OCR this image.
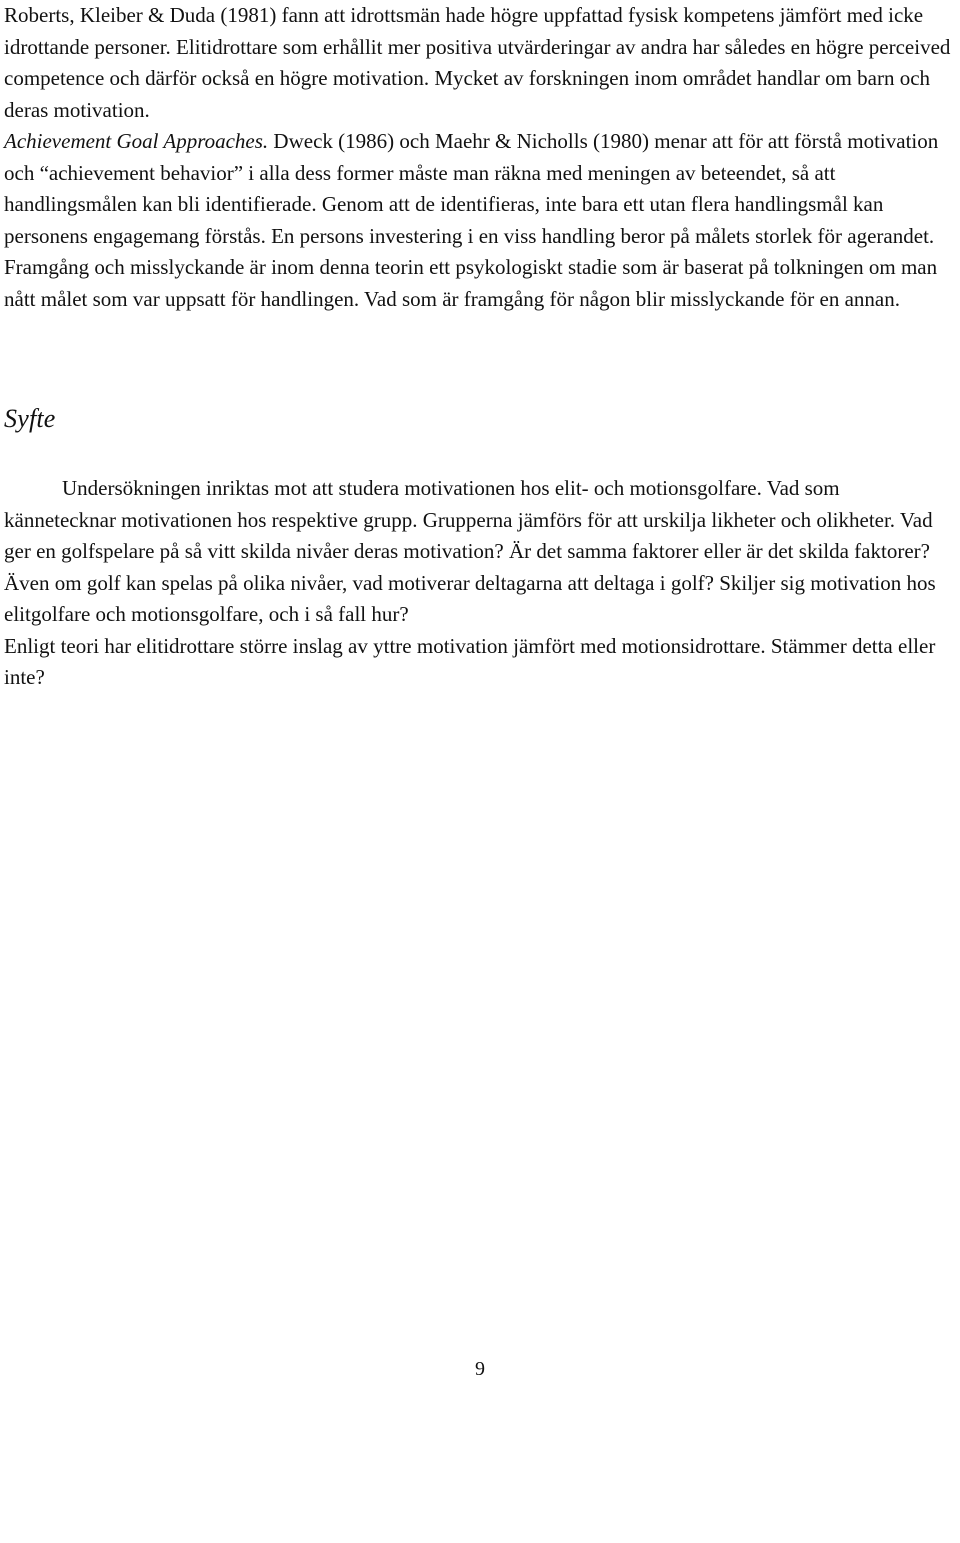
Roberts, Kleiber & Duda (1981) fann att idrottsmän hade högre uppfattad fysisk kompetens jämfört med icke idrottande personer. Elitidrottare som erhållit mer positiva utvärderingar av andra har således en högre perceived competence och därför också en högre motivation. Mycket av forskningen inom området handlar om barn och deras motivation.

Achievement Goal Approaches. Dweck (1986) och Maehr & Nicholls (1980) menar att för att förstå motivation och “achievement behavior” i alla dess former måste man räkna med meningen av beteendet, så att handlingsmålen kan bli identifierade. Genom att de identifieras, inte bara ett utan flera handlingsmål kan personens engagemang förstås. En persons investering i en viss handling beror på målets storlek för agerandet.

Framgång och misslyckande är inom denna teorin ett psykologiskt stadie som är baserat på tolkningen om man nått målet som var uppsatt för handlingen. Vad som är framgång för någon blir misslyckande för en annan.

Syfte

Undersökningen inriktas mot att studera motivationen hos elit- och motionsgolfare. Vad som kännetecknar motivationen hos respektive grupp. Grupperna jämförs för att urskilja likheter och olikheter. Vad ger en golfspelare på så vitt skilda nivåer deras motivation? Är det samma faktorer eller är det skilda faktorer?

Även om golf kan spelas på olika nivåer, vad motiverar deltagarna att deltaga i golf? Skiljer sig motivation hos elitgolfare och motionsgolfare, och i så fall hur?

Enligt teori har elitidrottare större inslag av yttre motivation jämfört med motionsidrottare. Stämmer detta eller inte?

9
